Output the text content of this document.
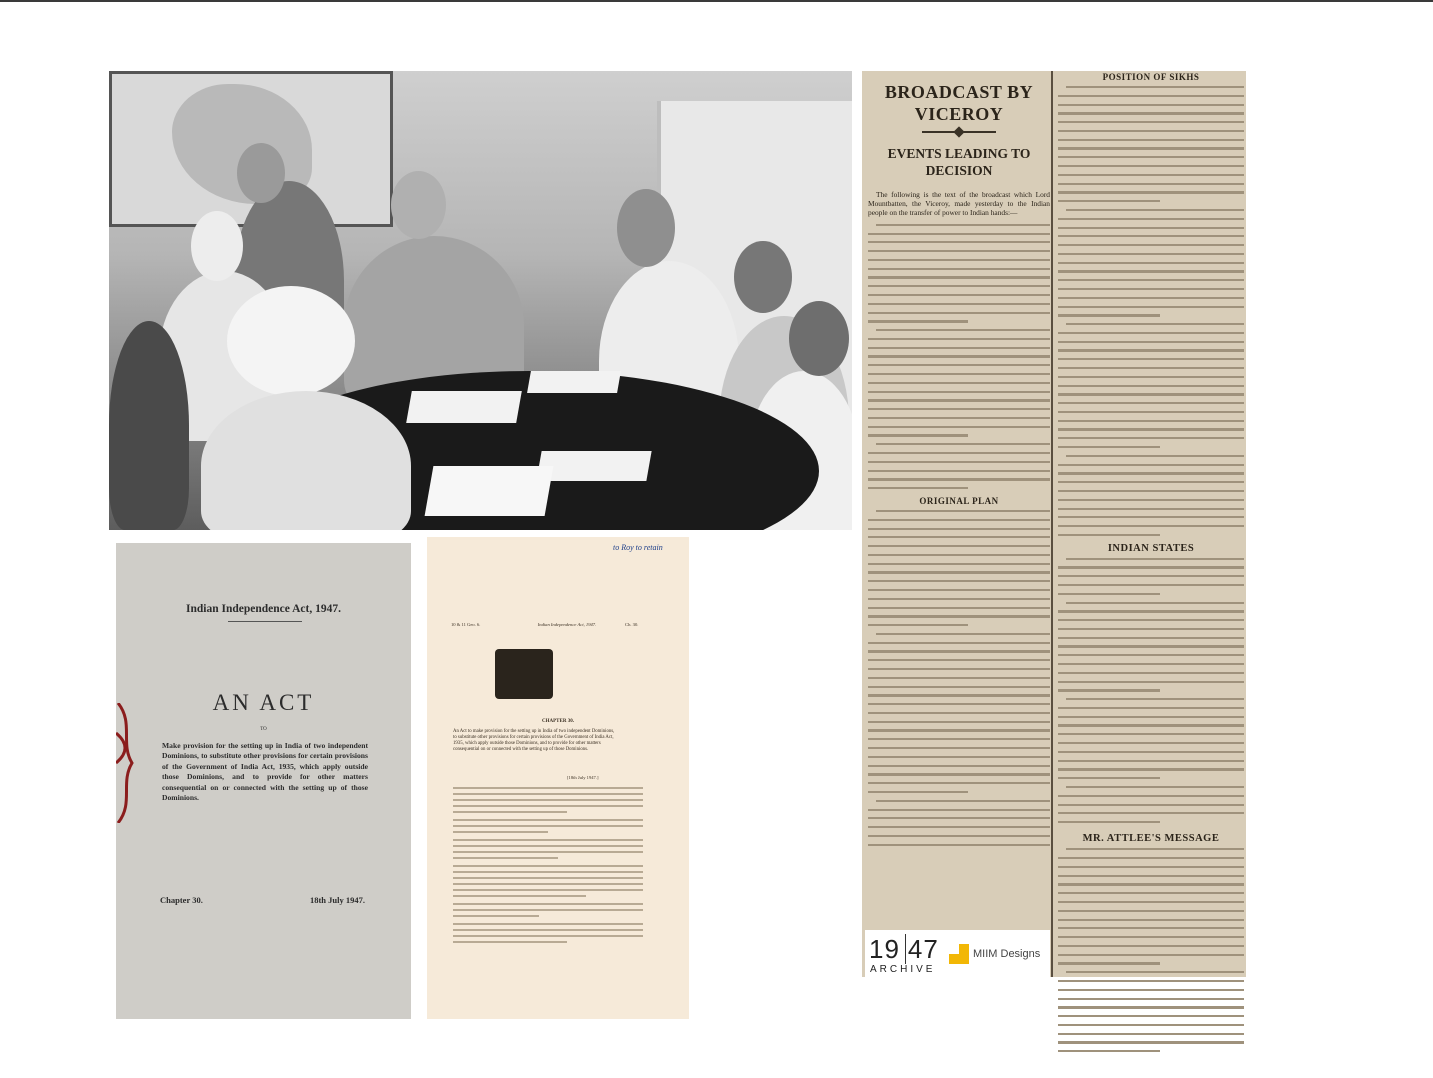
Indian Independence Act, 1947.
AN ACT
TO
Make provision for the setting up in India of two independent Dominions, to substitute other provisions for certain provisions of the Government of India Act, 1935, which apply outside those Dominions, and to provide for other matters consequential on or connected with the setting up of those Dominions.
Chapter 30.	18th July 1947.
to Roy to retain
10 & 11 Geo. 6.	Indian Independence Act, 1947.	Ch. 30.
CHAPTER 30.
An Act to make provision for the setting up in India of two independent Dominions, to substitute other provisions for certain provisions of the Government of India Act, 1935, which apply outside those Dominions, and to provide for other matters consequential on or connected with the setting up of those Dominions.
[18th July 1947.]
BROADCAST BY VICEROY
EVENTS LEADING TO DECISION

The following is the text of the broadcast which Lord Mountbatten, the Viceroy, made yesterday to the Indian people on the transfer of power to Indian hands:—

ORIGINAL PLAN
POSITION OF SIKHS
INDIAN STATES
MR. ATTLEE'S MESSAGE
19 47
ARCHIVE
MIIM Designs
